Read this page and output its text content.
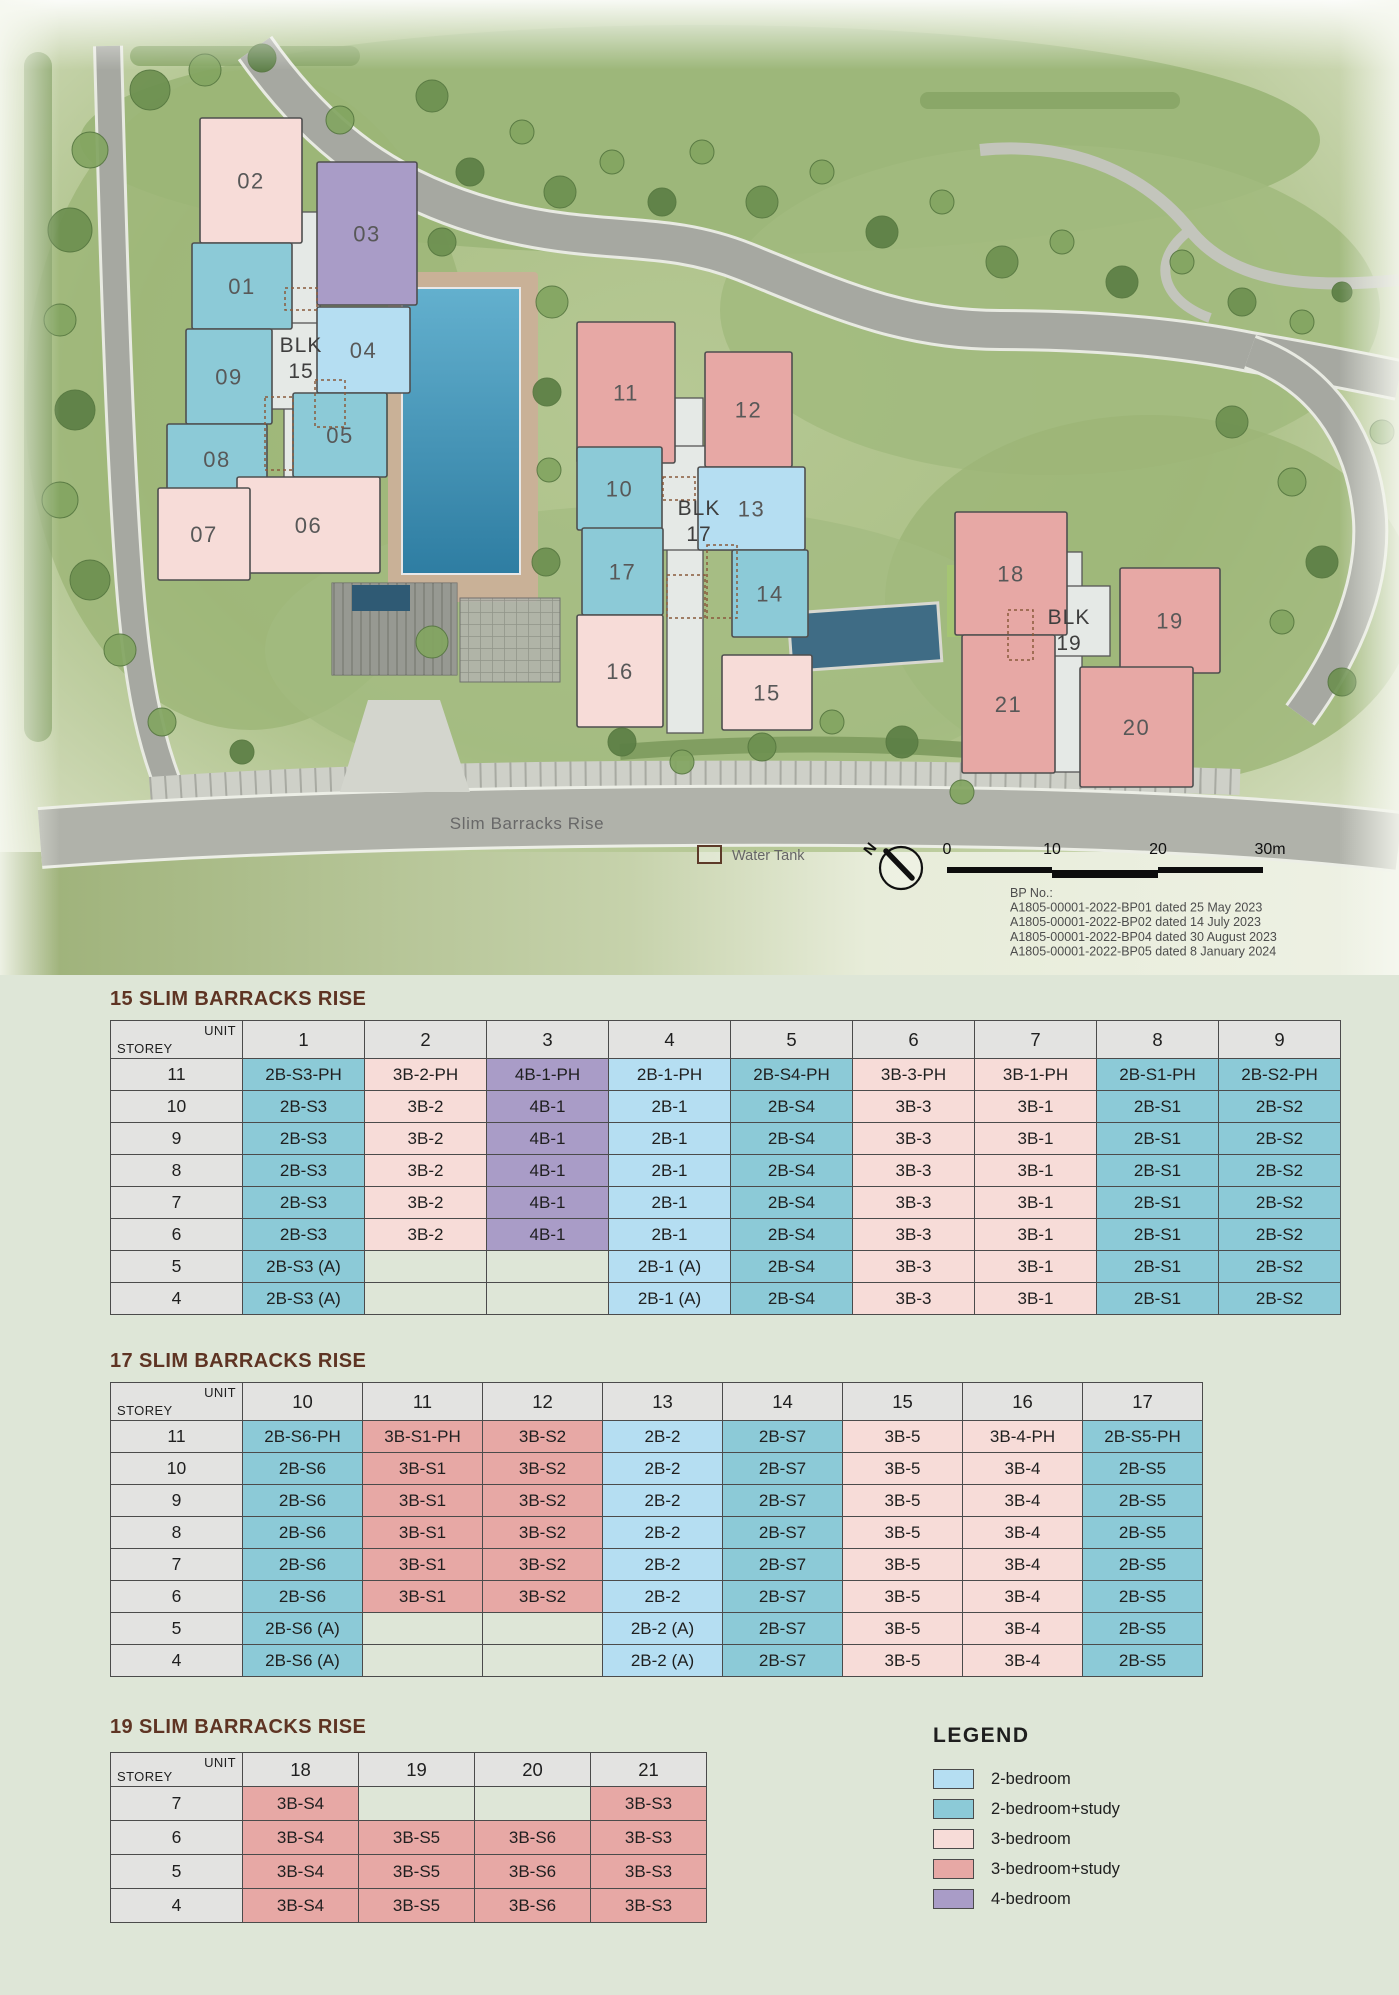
02
03
01
04
09
05
08
06
07
11
12
10
13
17
14
16
15
18
19
21
20
BLK
15
BLK
17
BLK
19
Slim Barracks Rise
Water Tank	N	0	10	20	30m
BP No.:
A1805-00001-2022-BP01 dated 25 May 2023
A1805-00001-2022-BP02 dated 14 July 2023
A1805-00001-2022-BP04 dated 30 August 2023
A1805-00001-2022-BP05 dated 8 January 2024
15 SLIM BARRACKS RISE
UNIT
STOREY	1	2	3	4	5	6	7	8	9
11	2B-S3-PH	3B-2-PH	4B-1-PH	2B-1-PH	2B-S4-PH	3B-3-PH	3B-1-PH	2B-S1-PH	2B-S2-PH
10	2B-S3	3B-2	4B-1	2B-1	2B-S4	3B-3	3B-1	2B-S1	2B-S2
9	2B-S3	3B-2	4B-1	2B-1	2B-S4	3B-3	3B-1	2B-S1	2B-S2
8	2B-S3	3B-2	4B-1	2B-1	2B-S4	3B-3	3B-1	2B-S1	2B-S2
7	2B-S3	3B-2	4B-1	2B-1	2B-S4	3B-3	3B-1	2B-S1	2B-S2
6	2B-S3	3B-2	4B-1	2B-1	2B-S4	3B-3	3B-1	2B-S1	2B-S2
5	2B-S3 (A)			2B-1 (A)	2B-S4	3B-3	3B-1	2B-S1	2B-S2
4	2B-S3 (A)			2B-1 (A)	2B-S4	3B-3	3B-1	2B-S1	2B-S2
17 SLIM BARRACKS RISE
UNIT
STOREY	10	11	12	13	14	15	16	17
11	2B-S6-PH	3B-S1-PH	3B-S2	2B-2	2B-S7	3B-5	3B-4-PH	2B-S5-PH
10	2B-S6	3B-S1	3B-S2	2B-2	2B-S7	3B-5	3B-4	2B-S5
9	2B-S6	3B-S1	3B-S2	2B-2	2B-S7	3B-5	3B-4	2B-S5
8	2B-S6	3B-S1	3B-S2	2B-2	2B-S7	3B-5	3B-4	2B-S5
7	2B-S6	3B-S1	3B-S2	2B-2	2B-S7	3B-5	3B-4	2B-S5
6	2B-S6	3B-S1	3B-S2	2B-2	2B-S7	3B-5	3B-4	2B-S5
5	2B-S6 (A)			2B-2 (A)	2B-S7	3B-5	3B-4	2B-S5
4	2B-S6 (A)			2B-2 (A)	2B-S7	3B-5	3B-4	2B-S5
19 SLIM BARRACKS RISE
UNIT
STOREY	18	19	20	21
7	3B-S4			3B-S3
6	3B-S4	3B-S5	3B-S6	3B-S3
5	3B-S4	3B-S5	3B-S6	3B-S3
4	3B-S4	3B-S5	3B-S6	3B-S3
LEGEND
2-bedroom
2-bedroom+study
3-bedroom
3-bedroom+study
4-bedroom
